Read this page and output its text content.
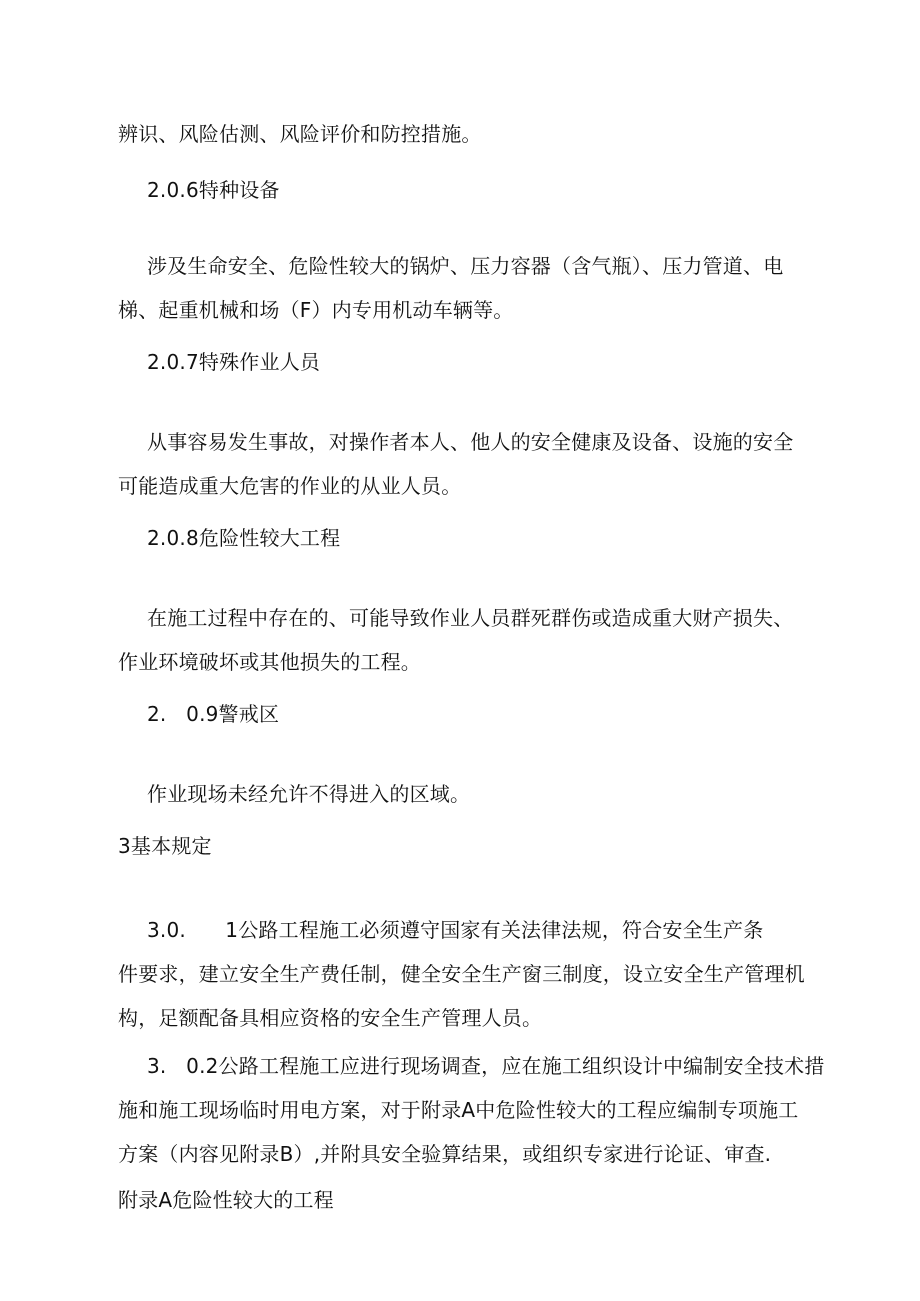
辨识、风险估测、风险评价和防控措施。

2.0.6特种设备

涉及生命安全、危险性较大的锅炉、压力容器（含气瓶）、压力管道、电

梯、起重机械和场（F）内专用机动车辆等。

2.0.7特殊作业人员

从事容易发生事故，对操作者本人、他人的安全健康及设备、设施的安全

可能造成重大危害的作业的从业人员。

2.0.8危险性较大工程

在施工过程中存在的、可能导致作业人员群死群伤或造成重大财产损失、

作业环境破坏或其他损失的工程。

2.   0.9警戒区

作业现场未经允许不得进入的区域。

3基本规定

3.0.      1公路工程施工必须遵守国家有关法律法规，符合安全生产条

件要求，建立安全生产费任制，健全安全生产窗三制度，设立安全生产管理机

构，足额配备具相应资格的安全生产管理人员。

3.   0.2公路工程施工应进行现场调查，应在施工组织设计中编制安全技术措

施和施工现场临时用电方案，对于附录A中危险性较大的工程应编制专项施工

方案（内容见附录B）,并附具安全验算结果，或组织专家进行论证、审查.

附录A危险性较大的工程
